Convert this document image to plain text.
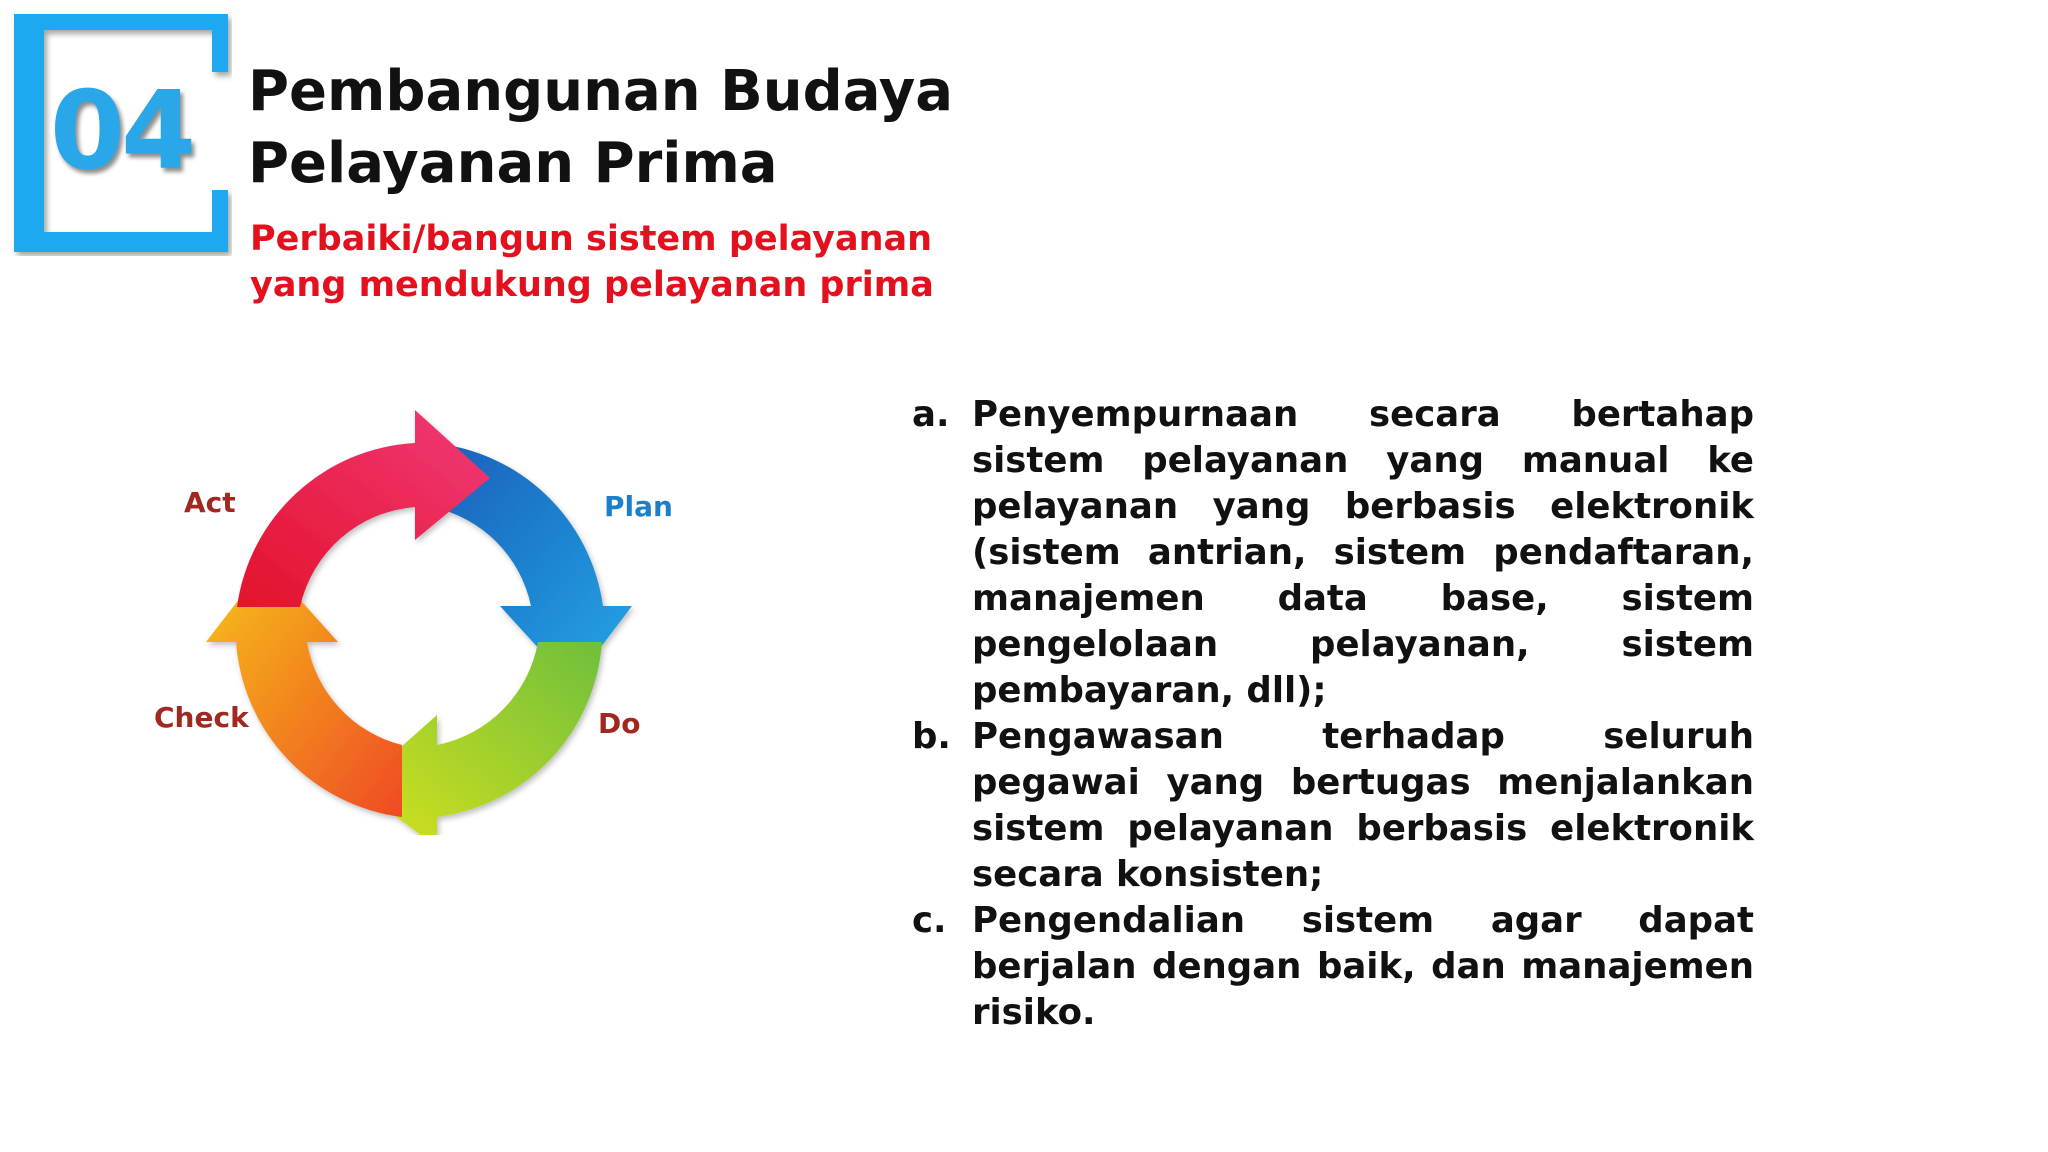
04 Pembangunan Budaya
Pelayanan Prima

Perbaiki/bangun sistem pelayanan
yang mendukung pelayanan prima

Act	Plan
Check	Do
a. Penyempurnaan secara bertahap sistem pelayanan yang manual ke pelayanan yang berbasis elektronik (sistem antrian, sistem pendaftaran, manajemen data base, sistem pengelolaan pelayanan, sistem pembayaran, dll);
b. Pengawasan terhadap seluruh pegawai yang bertugas menjalankan sistem pelayanan berbasis elektronik secara konsisten;
c. Pengendalian sistem agar dapat berjalan dengan baik, dan manajemen risiko.
